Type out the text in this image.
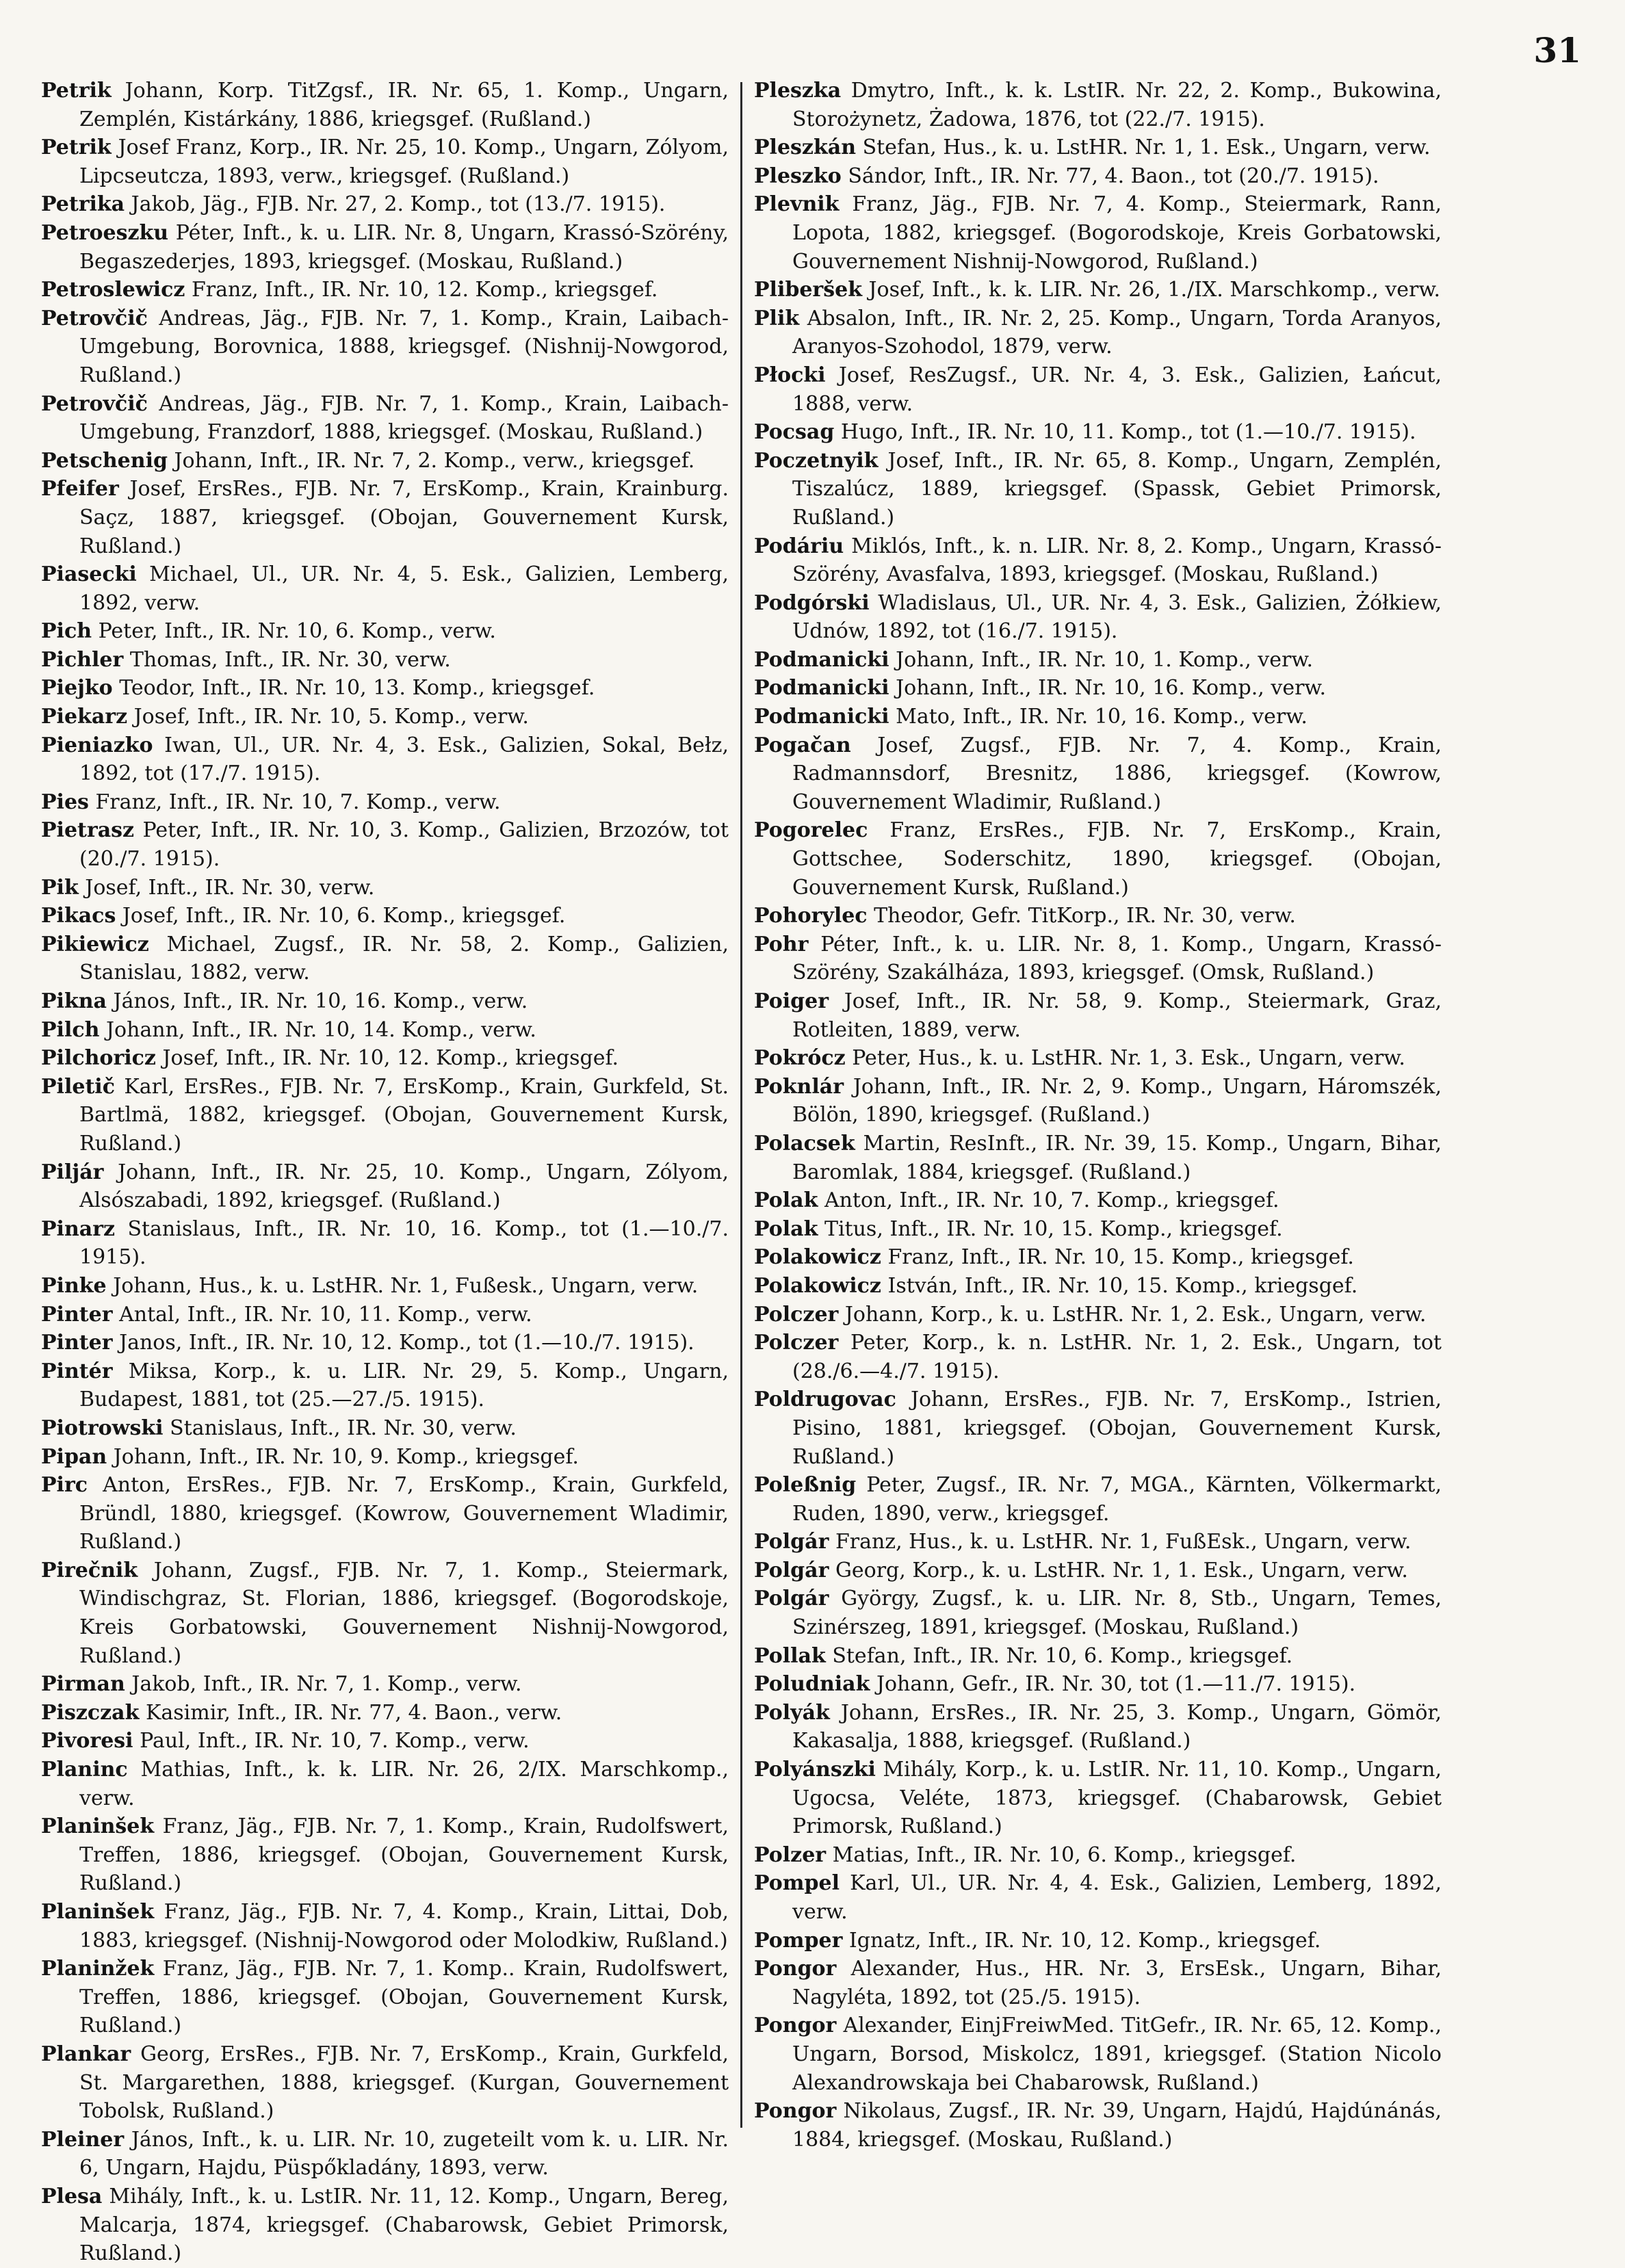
31

Petrik Johann, Korp. TitZgsf., IR. Nr. 65, 1. Komp., Ungarn, Zemplén, Kistárkány, 1886, kriegsgef. (Rußland.)

Petrik Josef Franz, Korp., IR. Nr. 25, 10. Komp., Ungarn, Zólyom, Lipcseutcza, 1893, verw., kriegsgef. (Rußland.)

Petrika Jakob, Jäg., FJB. Nr. 27, 2. Komp., tot (13./7. 1915).

Petroeszku Péter, Inft., k. u. LIR. Nr. 8, Ungarn, Krassó-Szörény, Begaszederjes, 1893, kriegsgef. (Moskau, Rußland.)

Petroslewicz Franz, Inft., IR. Nr. 10, 12. Komp., kriegsgef.

Petrovčič Andreas, Jäg., FJB. Nr. 7, 1. Komp., Krain, Laibach-Umgebung, Borovnica, 1888, kriegsgef. (Nishnij-Nowgorod, Rußland.)

Petrovčič Andreas, Jäg., FJB. Nr. 7, 1. Komp., Krain, Laibach-Umgebung, Franzdorf, 1888, kriegsgef. (Moskau, Rußland.)

Petschenig Johann, Inft., IR. Nr. 7, 2. Komp., verw., kriegsgef.

Pfeifer Josef, ErsRes., FJB. Nr. 7, ErsKomp., Krain, Krainburg. Saçz, 1887, kriegsgef. (Obojan, Gouvernement Kursk, Rußland.)

Piasecki Michael, Ul., UR. Nr. 4, 5. Esk., Galizien, Lemberg, 1892, verw.

Pich Peter, Inft., IR. Nr. 10, 6. Komp., verw.

Pichler Thomas, Inft., IR. Nr. 30, verw.

Piejko Teodor, Inft., IR. Nr. 10, 13. Komp., kriegsgef.

Piekarz Josef, Inft., IR. Nr. 10, 5. Komp., verw.

Pieniazko Iwan, Ul., UR. Nr. 4, 3. Esk., Galizien, Sokal, Bełz, 1892, tot (17./7. 1915).

Pies Franz, Inft., IR. Nr. 10, 7. Komp., verw.

Pietrasz Peter, Inft., IR. Nr. 10, 3. Komp., Galizien, Brzozów, tot (20./7. 1915).

Pik Josef, Inft., IR. Nr. 30, verw.

Pikacs Josef, Inft., IR. Nr. 10, 6. Komp., kriegsgef.

Pikiewicz Michael, Zugsf., IR. Nr. 58, 2. Komp., Galizien, Stanislau, 1882, verw.

Pikna János, Inft., IR. Nr. 10, 16. Komp., verw.

Pilch Johann, Inft., IR. Nr. 10, 14. Komp., verw.

Pilchoricz Josef, Inft., IR. Nr. 10, 12. Komp., kriegsgef.

Piletič Karl, ErsRes., FJB. Nr. 7, ErsKomp., Krain, Gurkfeld, St. Bartlmä, 1882, kriegsgef. (Obojan, Gouvernement Kursk, Rußland.)

Piljár Johann, Inft., IR. Nr. 25, 10. Komp., Ungarn, Zólyom, Alsószabadi, 1892, kriegsgef. (Rußland.)

Pinarz Stanislaus, Inft., IR. Nr. 10, 16. Komp., tot (1.—10./7. 1915).

Pinke Johann, Hus., k. u. LstHR. Nr. 1, Fußesk., Ungarn, verw.

Pinter Antal, Inft., IR. Nr. 10, 11. Komp., verw.

Pinter Janos, Inft., IR. Nr. 10, 12. Komp., tot (1.—10./7. 1915).

Pintér Miksa, Korp., k. u. LIR. Nr. 29, 5. Komp., Ungarn, Budapest, 1881, tot (25.—27./5. 1915).

Piotrowski Stanislaus, Inft., IR. Nr. 30, verw.

Pipan Johann, Inft., IR. Nr. 10, 9. Komp., kriegsgef.

Pirc Anton, ErsRes., FJB. Nr. 7, ErsKomp., Krain, Gurkfeld, Bründl, 1880, kriegsgef. (Kowrow, Gouvernement Wladimir, Rußland.)

Pirečnik Johann, Zugsf., FJB. Nr. 7, 1. Komp., Steiermark, Windischgraz, St. Florian, 1886, kriegsgef. (Bogorodskoje, Kreis Gorbatowski, Gouvernement Nishnij-Nowgorod, Rußland.)

Pirman Jakob, Inft., IR. Nr. 7, 1. Komp., verw.

Piszczak Kasimir, Inft., IR. Nr. 77, 4. Baon., verw.

Pivoresi Paul, Inft., IR. Nr. 10, 7. Komp., verw.

Planinc Mathias, Inft., k. k. LIR. Nr. 26, 2/IX. Marschkomp., verw.

Planinšek Franz, Jäg., FJB. Nr. 7, 1. Komp., Krain, Rudolfswert, Treffen, 1886, kriegsgef. (Obojan, Gouvernement Kursk, Rußland.)

Planinšek Franz, Jäg., FJB. Nr. 7, 4. Komp., Krain, Littai, Dob, 1883, kriegsgef. (Nishnij-Nowgorod oder Molodkiw, Rußland.)

Planinžek Franz, Jäg., FJB. Nr. 7, 1. Komp.. Krain, Rudolfswert, Treffen, 1886, kriegsgef. (Obojan, Gouvernement Kursk, Rußland.)

Plankar Georg, ErsRes., FJB. Nr. 7, ErsKomp., Krain, Gurkfeld, St. Margarethen, 1888, kriegsgef. (Kurgan, Gouvernement Tobolsk, Rußland.)

Pleiner János, Inft., k. u. LIR. Nr. 10, zugeteilt vom k. u. LIR. Nr. 6, Ungarn, Hajdu, Püspőkladány, 1893, verw.

Plesa Mihály, Inft., k. u. LstIR. Nr. 11, 12. Komp., Ungarn, Bereg, Malcarja, 1874, kriegsgef. (Chabarowsk, Gebiet Primorsk, Rußland.)

Pleszka Dmytro, Inft., k. k. LstIR. Nr. 22, 2. Komp., Bukowina, Storożynetz, Żadowa, 1876, tot (22./7. 1915).

Pleszkán Stefan, Hus., k. u. LstHR. Nr. 1, 1. Esk., Ungarn, verw.

Pleszko Sándor, Inft., IR. Nr. 77, 4. Baon., tot (20./7. 1915).

Plevnik Franz, Jäg., FJB. Nr. 7, 4. Komp., Steiermark, Rann, Lopota, 1882, kriegsgef. (Bogorodskoje, Kreis Gorbatowski, Gouvernement Nishnij-Nowgorod, Rußland.)

Pliberšek Josef, Inft., k. k. LIR. Nr. 26, 1./IX. Marschkomp., verw.

Plik Absalon, Inft., IR. Nr. 2, 25. Komp., Ungarn, Torda Aranyos, Aranyos-Szohodol, 1879, verw.

Płocki Josef, ResZugsf., UR. Nr. 4, 3. Esk., Galizien, Łańcut, 1888, verw.

Pocsag Hugo, Inft., IR. Nr. 10, 11. Komp., tot (1.—10./7. 1915).

Poczetnyik Josef, Inft., IR. Nr. 65, 8. Komp., Ungarn, Zemplén, Tiszalúcz, 1889, kriegsgef. (Spassk, Gebiet Primorsk, Rußland.)

Podáriu Miklós, Inft., k. n. LIR. Nr. 8, 2. Komp., Ungarn, Krassó-Szörény, Avasfalva, 1893, kriegsgef. (Moskau, Rußland.)

Podgórski Wladislaus, Ul., UR. Nr. 4, 3. Esk., Galizien, Żółkiew, Udnów, 1892, tot (16./7. 1915).

Podmanicki Johann, Inft., IR. Nr. 10, 1. Komp., verw.

Podmanicki Johann, Inft., IR. Nr. 10, 16. Komp., verw.

Podmanicki Mato, Inft., IR. Nr. 10, 16. Komp., verw.

Pogačan Josef, Zugsf., FJB. Nr. 7, 4. Komp., Krain, Radmannsdorf, Bresnitz, 1886, kriegsgef. (Kowrow, Gouvernement Wladimir, Rußland.)

Pogorelec Franz, ErsRes., FJB. Nr. 7, ErsKomp., Krain, Gottschee, Soderschitz, 1890, kriegsgef. (Obojan, Gouvernement Kursk, Rußland.)

Pohorylec Theodor, Gefr. TitKorp., IR. Nr. 30, verw.

Pohr Péter, Inft., k. u. LIR. Nr. 8, 1. Komp., Ungarn, Krassó-Szörény, Szakálháza, 1893, kriegsgef. (Omsk, Rußland.)

Poiger Josef, Inft., IR. Nr. 58, 9. Komp., Steiermark, Graz, Rotleiten, 1889, verw.

Pokrócz Peter, Hus., k. u. LstHR. Nr. 1, 3. Esk., Ungarn, verw.

Poknlár Johann, Inft., IR. Nr. 2, 9. Komp., Ungarn, Háromszék, Bölön, 1890, kriegsgef. (Rußland.)

Polacsek Martin, ResInft., IR. Nr. 39, 15. Komp., Ungarn, Bihar, Baromlak, 1884, kriegsgef. (Rußland.)

Polak Anton, Inft., IR. Nr. 10, 7. Komp., kriegsgef.

Polak Titus, Inft., IR. Nr. 10, 15. Komp., kriegsgef.

Polakowicz Franz, Inft., IR. Nr. 10, 15. Komp., kriegsgef.

Polakowicz István, Inft., IR. Nr. 10, 15. Komp., kriegsgef.

Polczer Johann, Korp., k. u. LstHR. Nr. 1, 2. Esk., Ungarn, verw.

Polczer Peter, Korp., k. n. LstHR. Nr. 1, 2. Esk., Ungarn, tot (28./6.—4./7. 1915).

Poldrugovac Johann, ErsRes., FJB. Nr. 7, ErsKomp., Istrien, Pisino, 1881, kriegsgef. (Obojan, Gouvernement Kursk, Rußland.)

Poleßnig Peter, Zugsf., IR. Nr. 7, MGA., Kärnten, Völkermarkt, Ruden, 1890, verw., kriegsgef.

Polgár Franz, Hus., k. u. LstHR. Nr. 1, FußEsk., Ungarn, verw.

Polgár Georg, Korp., k. u. LstHR. Nr. 1, 1. Esk., Ungarn, verw.

Polgár György, Zugsf., k. u. LIR. Nr. 8, Stb., Ungarn, Temes, Szinérszeg, 1891, kriegsgef. (Moskau, Rußland.)

Pollak Stefan, Inft., IR. Nr. 10, 6. Komp., kriegsgef.

Poludniak Johann, Gefr., IR. Nr. 30, tot (1.—11./7. 1915).

Polyák Johann, ErsRes., IR. Nr. 25, 3. Komp., Ungarn, Gömör, Kakasalja, 1888, kriegsgef. (Rußland.)

Polyánszki Mihály, Korp., k. u. LstIR. Nr. 11, 10. Komp., Ungarn, Ugocsa, Veléte, 1873, kriegsgef. (Chabarowsk, Gebiet Primorsk, Rußland.)

Polzer Matias, Inft., IR. Nr. 10, 6. Komp., kriegsgef.

Pompel Karl, Ul., UR. Nr. 4, 4. Esk., Galizien, Lemberg, 1892, verw.

Pomper Ignatz, Inft., IR. Nr. 10, 12. Komp., kriegsgef.

Pongor Alexander, Hus., HR. Nr. 3, ErsEsk., Ungarn, Bihar, Nagyléta, 1892, tot (25./5. 1915).

Pongor Alexander, EinjFreiwMed. TitGefr., IR. Nr. 65, 12. Komp., Ungarn, Borsod, Miskolcz, 1891, kriegsgef. (Station Nicolo Alexandrowskaja bei Chabarowsk, Rußland.)

Pongor Nikolaus, Zugsf., IR. Nr. 39, Ungarn, Hajdú, Hajdúnánás, 1884, kriegsgef. (Moskau, Rußland.)
